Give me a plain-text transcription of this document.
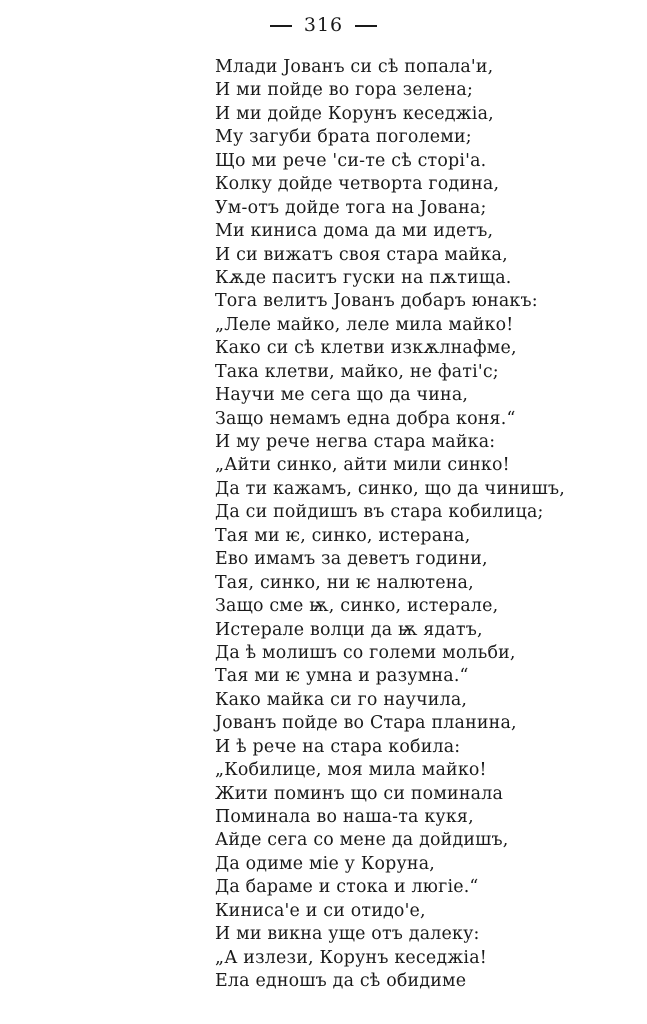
316
Млади Јованъ си сѣ попала'и,
И ми пойде во гора зелена;
И ми дойде Корунъ кеседжіа,
Му загуби брата поголеми;
Що ми рече 'си-те сѣ сторі'а.
Колку дойде четворта година,
Ум-отъ дойде тога на Јована;
Ми киниса дома да ми идетъ,
И си вижатъ своя стара майка,
Кѫде паситъ гуски на пѫтища.
Тога велитъ Јованъ добаръ юнакъ:
„Леле майко, леле мила майко!
Како си сѣ клетви изкѫлнафме,
Така клетви, майко, не фаті'с;
Научи ме сега що да чина,
Защо немамъ една добра коня.“
И му рече негва стара майка:
„Айти синко, айти мили синко!
Да ти кажамъ, синко, що да чинишъ,
Да си пойдишъ въ стара кобилица;
Тая ми ѥ, синко, истерана,
Ево имамъ за деветъ години,
Тая, синко, ни ѥ налютена,
Защо сме ѭ, синко, истерале,
Истерале волци да ѭ ядатъ,
Да ѣ молишъ со големи мольби,
Тая ми ѥ умна и разумна.“
Како майка си го научила,
Јованъ пойде во Стара планина,
И ѣ рече на стара кобила:
„Кобилице, моя мила майко!
Жити поминъ що си поминала
Поминала во наша-та кукя,
Айде сега со мене да дойдишъ,
Да одиме міе у Коруна,
Да бараме и стока и люгіе.“
Киниса'е и си отидо'е,
И ми викна уще отъ далеку:
„А излези, Корунъ кеседжіа!
Ела едношъ да сѣ обидиме
